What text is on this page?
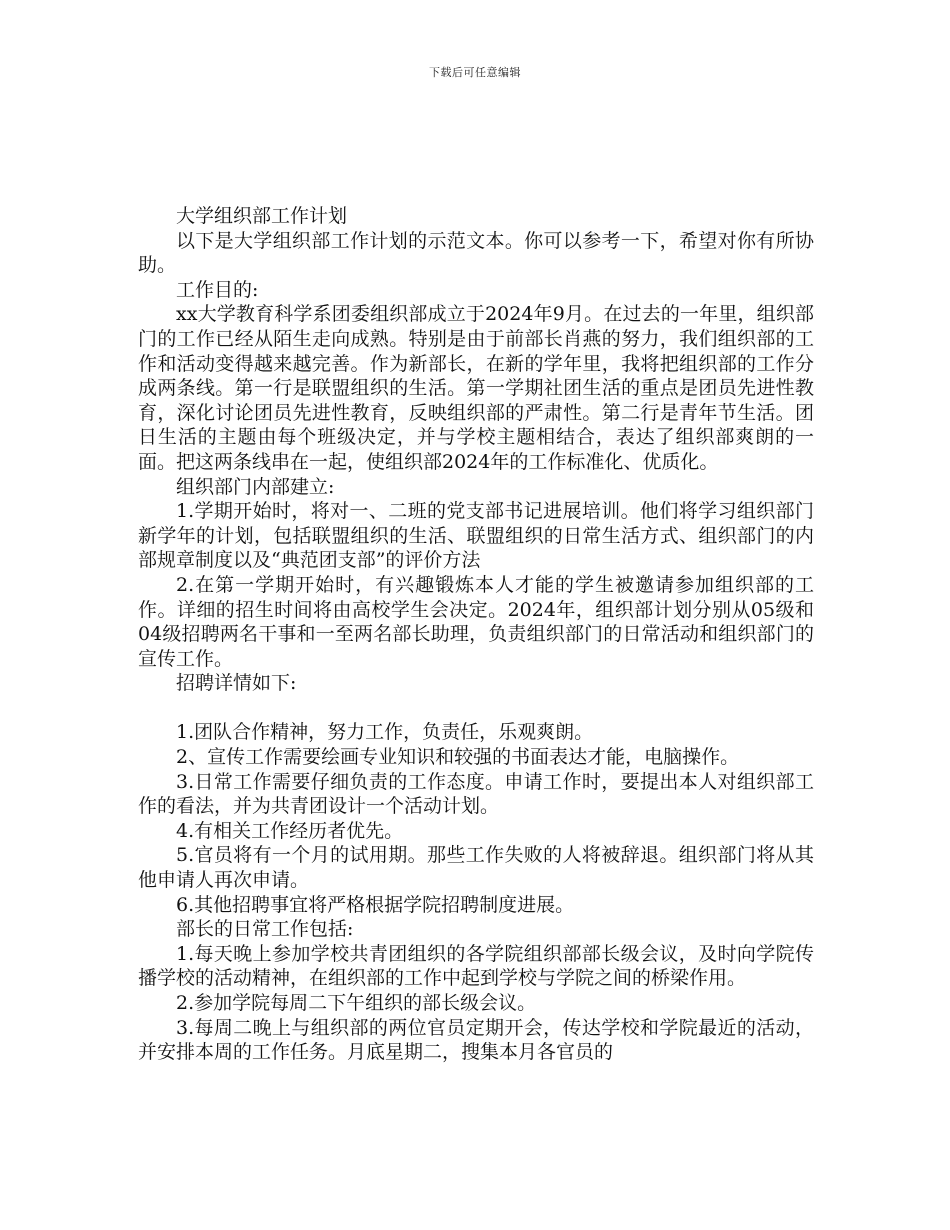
下载后可任意编辑

大学组织部工作计划

以下是大学组织部工作计划的示范文本。你可以参考一下，希望对你有所协助。

工作目的:

xx大学教育科学系团委组织部成立于2024年9月。在过去的一年里，组织部门的工作已经从陌生走向成熟。特别是由于前部长肖燕的努力，我们组织部的工作和活动变得越来越完善。作为新部长，在新的学年里，我将把组织部的工作分成两条线。第一行是联盟组织的生活。第一学期社团生活的重点是团员先进性教育，深化讨论团员先进性教育，反映组织部的严肃性。第二行是青年节生活。团日生活的主题由每个班级决定，并与学校主题相结合，表达了组织部爽朗的一面。把这两条线串在一起，使组织部2024年的工作标准化、优质化。

组织部门内部建立:

1.学期开始时，将对一、二班的党支部书记进展培训。他们将学习组织部门新学年的计划，包括联盟组织的生活、联盟组织的日常生活方式、组织部门的内部规章制度以及“典范团支部”的评价方法

2.在第一学期开始时，有兴趣锻炼本人才能的学生被邀请参加组织部的工作。详细的招生时间将由高校学生会决定。2024年，组织部计划分别从05级和04级招聘两名干事和一至两名部长助理，负责组织部门的日常活动和组织部门的宣传工作。

招聘详情如下:

1.团队合作精神，努力工作，负责任，乐观爽朗。

2、宣传工作需要绘画专业知识和较强的书面表达才能，电脑操作。

3.日常工作需要仔细负责的工作态度。申请工作时，要提出本人对组织部工作的看法，并为共青团设计一个活动计划。

4.有相关工作经历者优先。

5.官员将有一个月的试用期。那些工作失败的人将被辞退。组织部门将从其他申请人再次申请。

6.其他招聘事宜将严格根据学院招聘制度进展。

部长的日常工作包括:

1.每天晚上参加学校共青团组织的各学院组织部部长级会议，及时向学院传播学校的活动精神，在组织部的工作中起到学校与学院之间的桥梁作用。

2.参加学院每周二下午组织的部长级会议。

3.每周二晚上与组织部的两位官员定期开会，传达学校和学院最近的活动，并安排本周的工作任务。月底星期二，搜集本月各官员的
